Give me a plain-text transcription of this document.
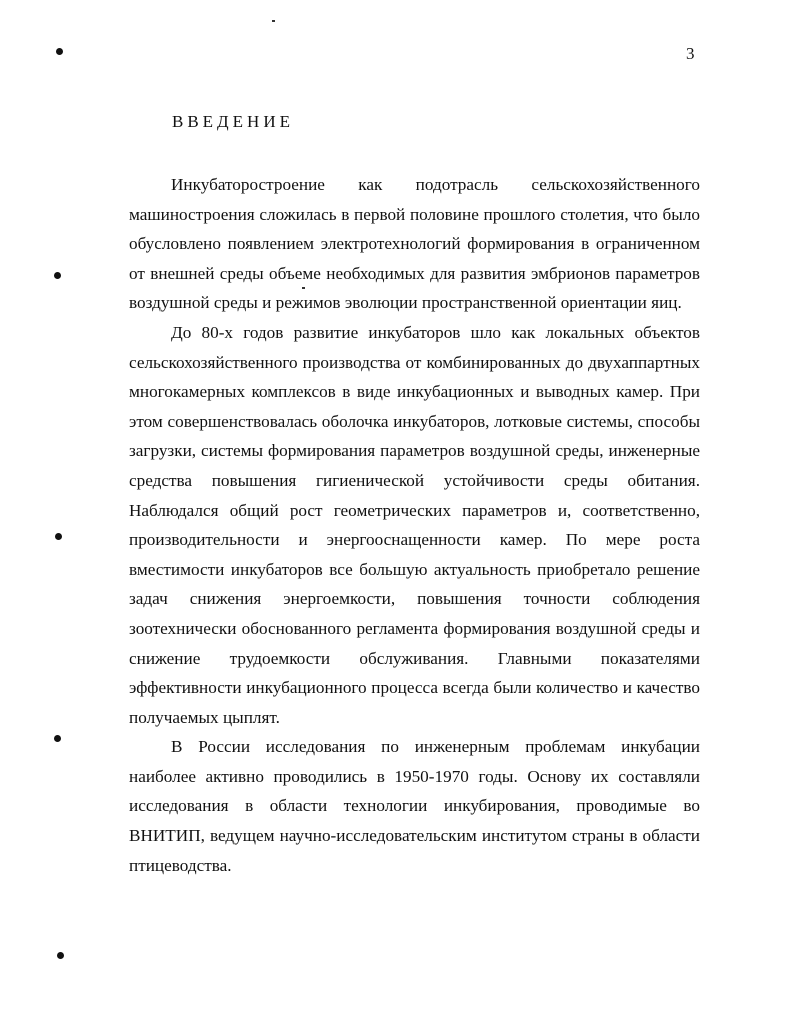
3
ВВЕДЕНИЕ

Инкубаторостроение как подотрасль сельскохозяйственного машиностроения сложилась в первой половине прошлого столетия, что было обусловлено появлением электротехнологий формирования в ограниченном от внешней среды объеме необходимых для развития эмбрионов параметров воздушной среды и режимов эволюции пространственной ориентации яиц.

До 80-х годов развитие инкубаторов шло как локальных объектов сельскохозяйственного производства от комбинированных до двухаппартных многокамерных комплексов в виде инкубационных и выводных камер. При этом совершенствовалась оболочка инкубаторов, лотковые системы, способы загрузки, системы формирования параметров воздушной среды, инженерные средства повышения гигиенической устойчивости среды обитания. Наблюдался общий рост геометрических параметров и, соответственно, производительности и энергооснащенности камер. По мере роста вместимости инкубаторов все большую актуальность приобретало решение задач снижения энергоемкости, повышения точности соблюдения зоотехнически обоснованного регламента формирования воздушной среды и снижение трудоемкости обслуживания. Главными показателями эффективности инкубационного процесса всегда были количество и качество получаемых цыплят.

В России исследования по инженерным проблемам инкубации наиболее активно проводились в 1950-1970 годы. Основу их составляли исследования в области технологии инкубирования, проводимые во ВНИТИП, ведущем научно-исследовательским институтом страны в области птицеводства.
